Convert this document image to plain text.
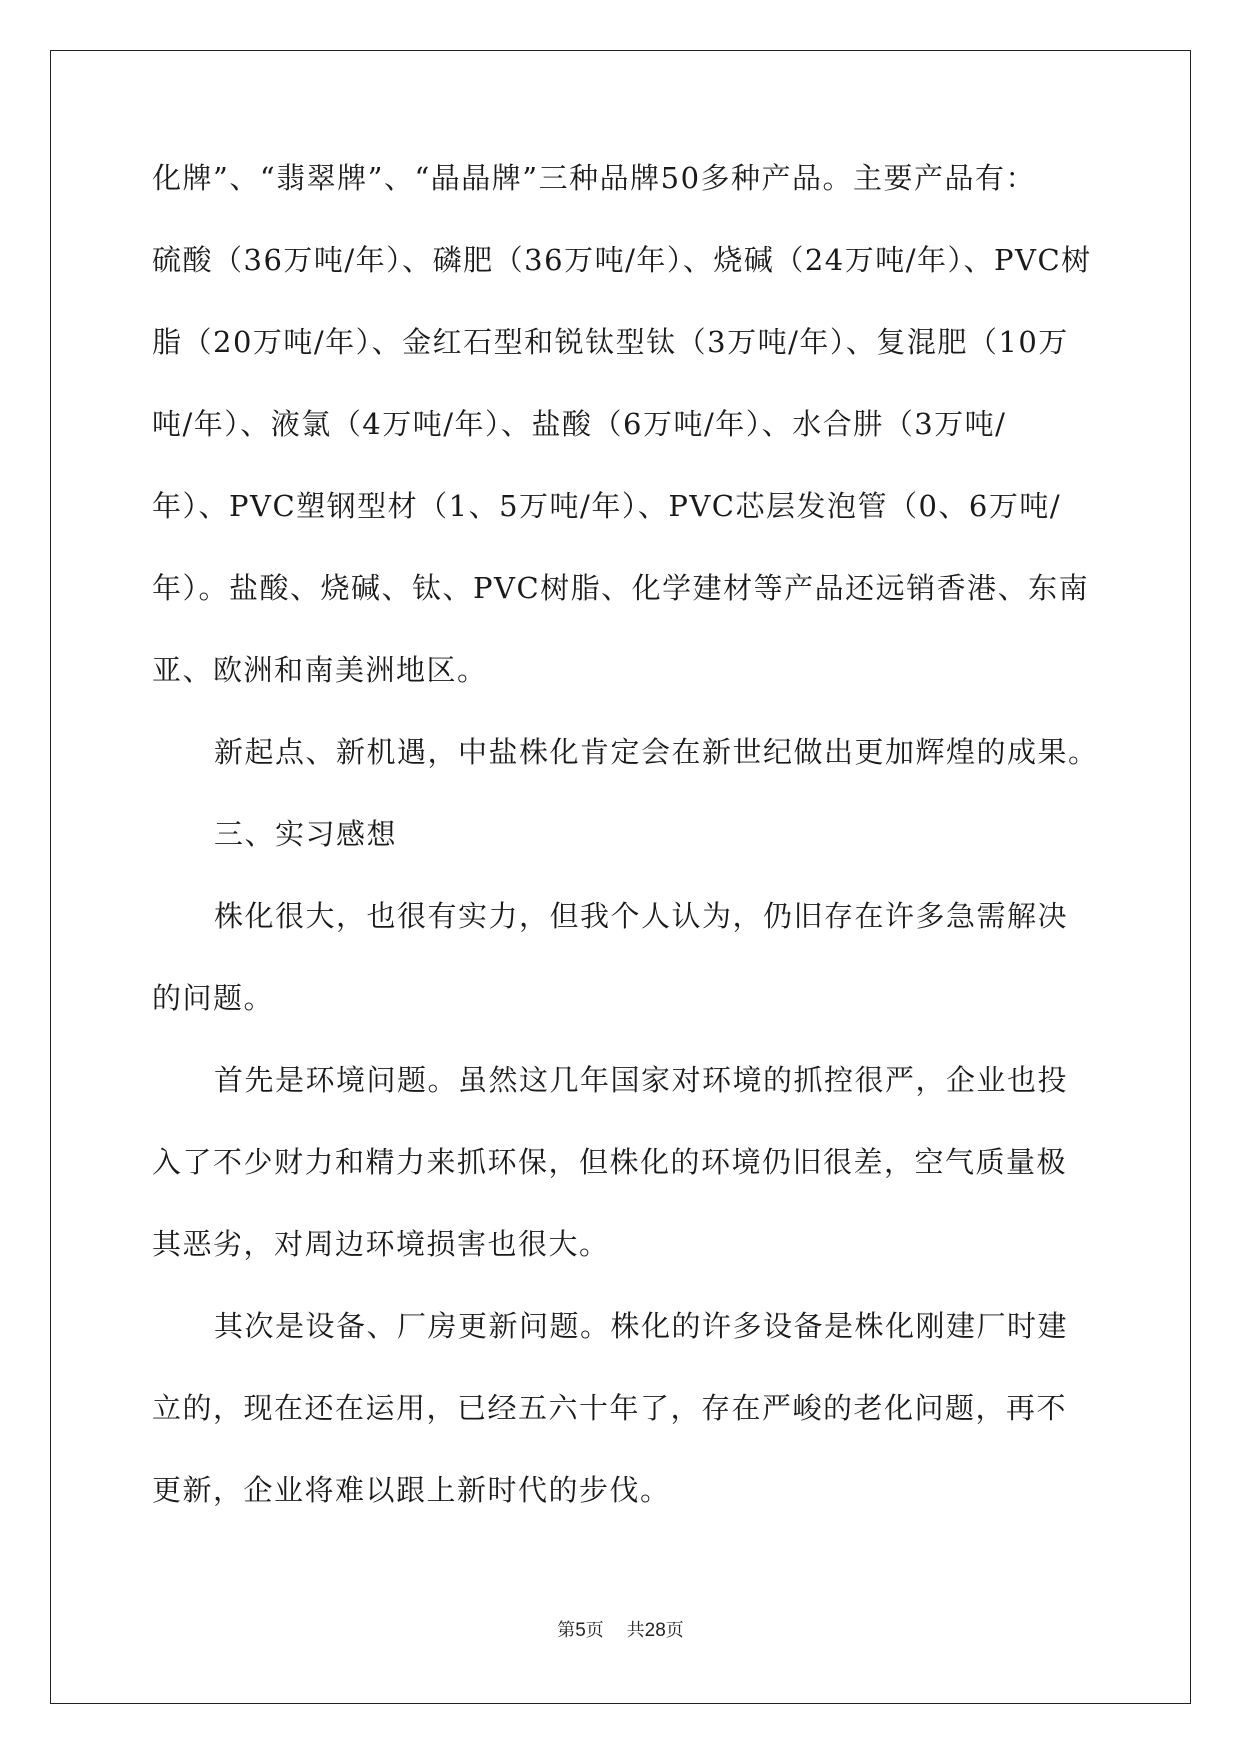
化牌”、“翡翠牌”、“晶晶牌”三种品牌50多种产品。主要产品有：
硫酸（36万吨/年）、磷肥（36万吨/年）、烧碱（24万吨/年）、PVC树
脂（20万吨/年）、金红石型和锐钛型钛（3万吨/年）、复混肥（10万
吨/年）、液氯（4万吨/年）、盐酸（6万吨/年）、水合肼（3万吨/
年）、PVC塑钢型材（1、5万吨/年）、PVC芯层发泡管（0、6万吨/
年）。盐酸、烧碱、钛、PVC树脂、化学建材等产品还远销香港、东南
亚、欧洲和南美洲地区。
新起点、新机遇，中盐株化肯定会在新世纪做出更加辉煌的成果。
三、实习感想
株化很大，也很有实力，但我个人认为，仍旧存在许多急需解决
的问题。
首先是环境问题。虽然这几年国家对环境的抓控很严，企业也投
入了不少财力和精力来抓环保，但株化的环境仍旧很差，空气质量极
其恶劣，对周边环境损害也很大。
其次是设备、厂房更新问题。株化的许多设备是株化刚建厂时建
立的，现在还在运用，已经五六十年了，存在严峻的老化问题，再不
更新，企业将难以跟上新时代的步伐。
第5页 共28页
